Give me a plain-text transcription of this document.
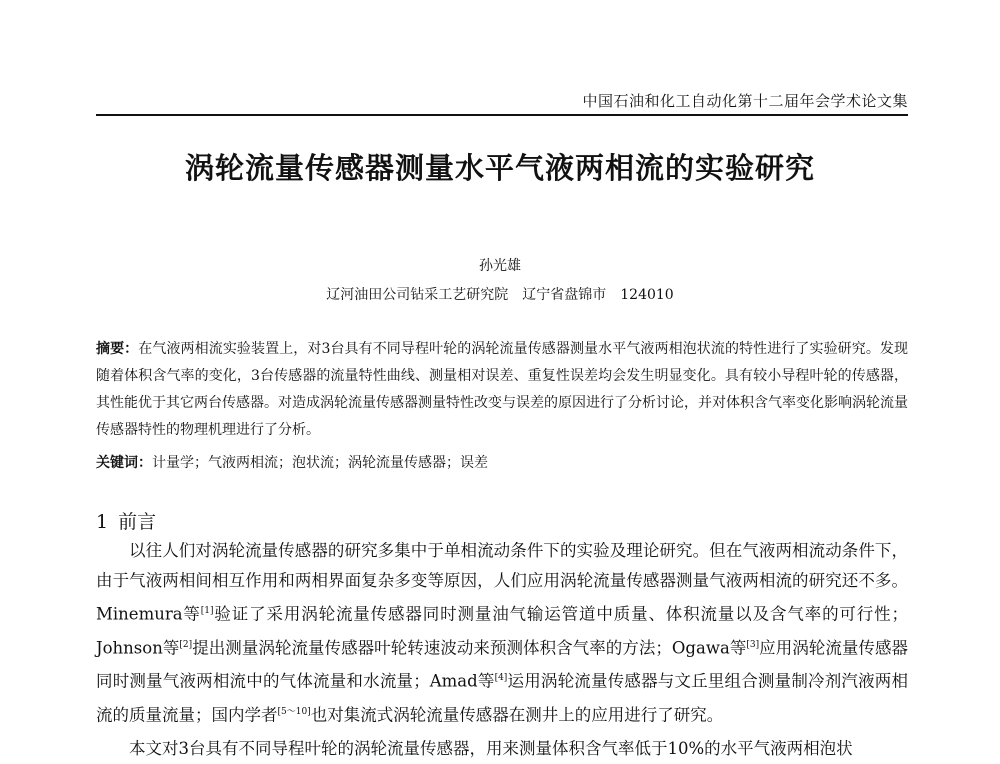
中国石油和化工自动化第十二届年会学术论文集
涡轮流量传感器测量水平气液两相流的实验研究
孙光雄
辽河油田公司钻采工艺研究院　辽宁省盘锦市　124010
摘要：在气液两相流实验装置上，对3台具有不同导程叶轮的涡轮流量传感器测量水平气液两相泡状流的特性进行了实验研究。发现随着体积含气率的变化，3台传感器的流量特性曲线、测量相对误差、重复性误差均会发生明显变化。具有较小导程叶轮的传感器，其性能优于其它两台传感器。对造成涡轮流量传感器测量特性改变与误差的原因进行了分析讨论，并对体积含气率变化影响涡轮流量传感器特性的物理机理进行了分析。
关键词：计量学；气液两相流；泡状流；涡轮流量传感器；误差
1 前言
以往人们对涡轮流量传感器的研究多集中于单相流动条件下的实验及理论研究。但在气液两相流动条件下，由于气液两相间相互作用和两相界面复杂多变等原因，人们应用涡轮流量传感器测量气液两相流的研究还不多。Minemura等[1]验证了采用涡轮流量传感器同时测量油气输运管道中质量、体积流量以及含气率的可行性；Johnson等[2]提出测量涡轮流量传感器叶轮转速波动来预测体积含气率的方法；Ogawa等[3]应用涡轮流量传感器同时测量气液两相流中的气体流量和水流量；Amad等[4]运用涡轮流量传感器与文丘里组合测量制冷剂汽液两相流的质量流量；国内学者[5～10]也对集流式涡轮流量传感器在测井上的应用进行了研究。
本文对3台具有不同导程叶轮的涡轮流量传感器，用来测量体积含气率低于10%的水平气液两相泡状
